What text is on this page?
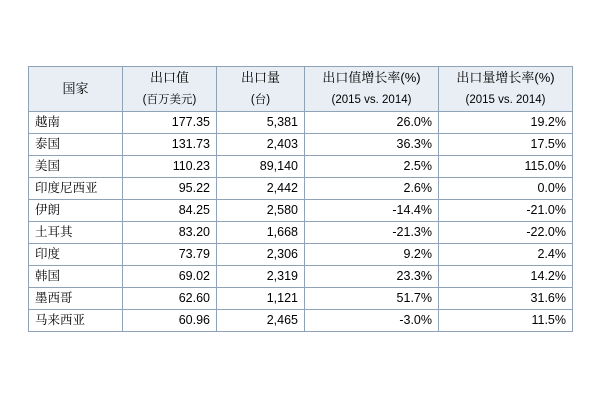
国家	出口值	出口量	出口值增长率(%)	出口量增长率(%)
	(百万美元)	(台)	(2015 vs. 2014)	(2015 vs. 2014)
越南	177.35	5,381	26.0%	19.2%
泰国	131.73	2,403	36.3%	17.5%
美国	110.23	89,140	2.5%	115.0%
印度尼西亚	95.22	2,442	2.6%	0.0%
伊朗	84.25	2,580	-14.4%	-21.0%
土耳其	83.20	1,668	-21.3%	-22.0%
印度	73.79	2,306	9.2%	2.4%
韩国	69.02	2,319	23.3%	14.2%
墨西哥	62.60	1,121	51.7%	31.6%
马来西亚	60.96	2,465	-3.0%	11.5%
